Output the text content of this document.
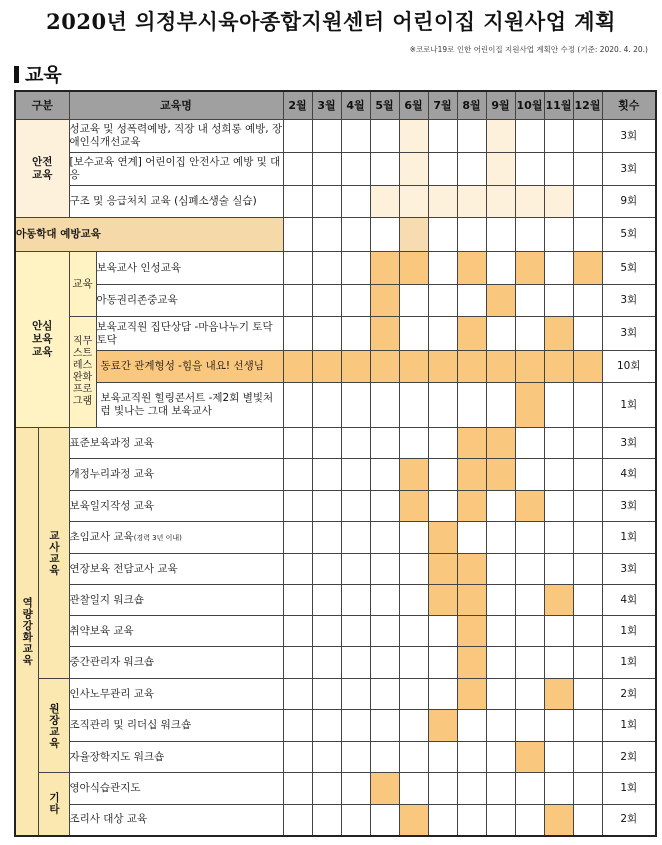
2020년 의정부시육아종합지원센터 어린이집 지원사업 계획
※코로나19로 인한 어린이집 지원사업 계획안 수정 (기준: 2020. 4. 20.)
교육
구분		교육명		2월	3월	4월	5월	6월	7월	8월	9월	10월	11월	12월	횟수
안전교육		성교육 및 성폭력예방, 직장 내 성희롱 예방, 장애인식개선교육													3회
		[보수교육 연계] 어린이집 안전사고 예방 및 대응													3회
		구조 및 응급처치 교육 (심폐소생술 실습)													9회
아동학대 예방교육															5회
안심보육교육		교육	보육교사 인성교육												5회
			아동권리존중교육												3회
		직무스트레스완화프로그램	보육교직원 집단상담 -마음나누기 토닥토닥												3회
			동료간 관계형성 -힘을 내요! 선생님												10회
			보육교직원 힐링콘서트 -제2회 별빛처럼 빛나는 그대 보육교사												1회
역량강화교육	교사교육	표준보육과정 교육													3회
		개정누리과정 교육													4회
		보육일지작성 교육													3회
		초임교사 교육(경력 3년 이내)													1회
		연장보육 전담교사 교육													3회
		관찰일지 워크숍													4회
		취약보육 교육													1회
		중간관리자 워크숍													1회
	원장교육	인사노무관리 교육													2회
		조직관리 및 리더십 워크숍													1회
		자율장학지도 워크숍													2회
	기타	영아식습관지도													1회
		조리사 대상 교육													2회
